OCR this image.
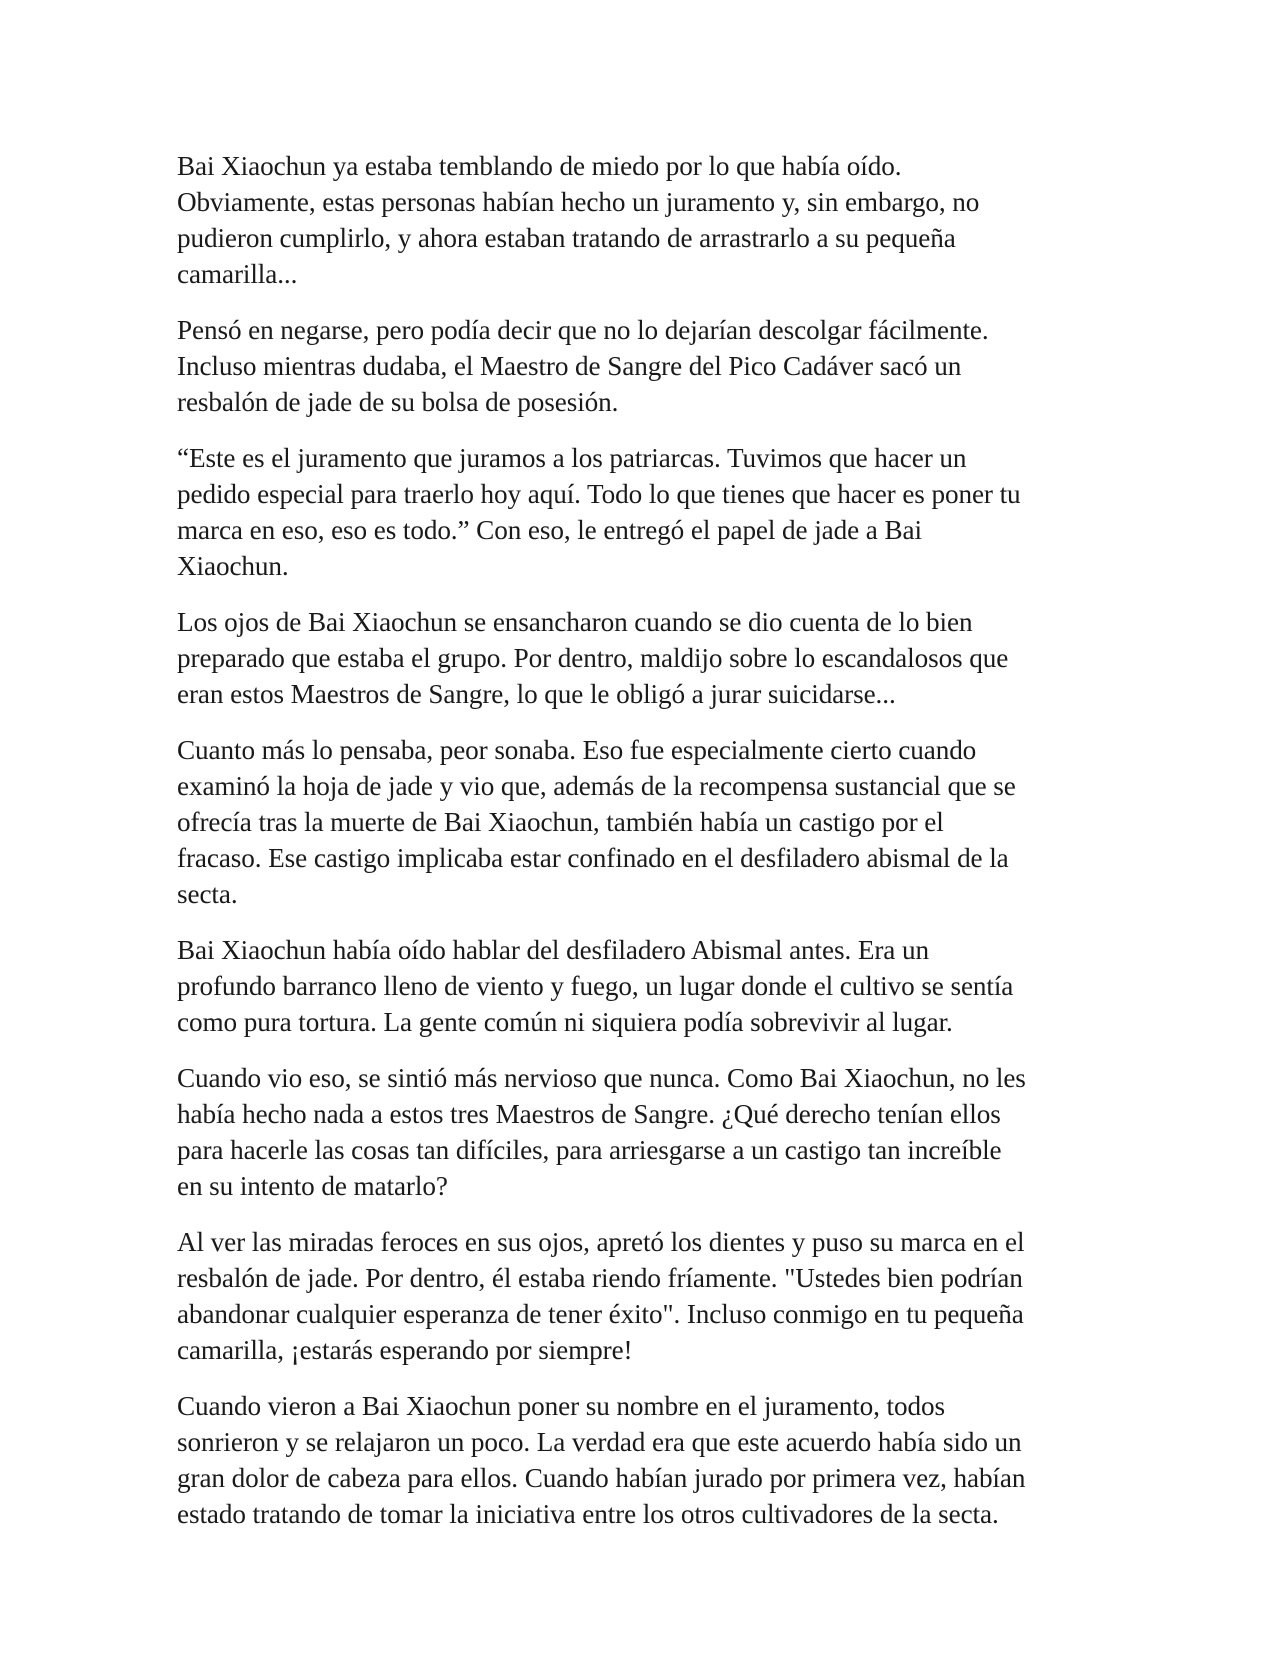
Bai Xiaochun ya estaba temblando de miedo por lo que había oído.
Obviamente, estas personas habían hecho un juramento y, sin embargo, no
pudieron cumplirlo, y ahora estaban tratando de arrastrarlo a su pequeña
camarilla...

Pensó en negarse, pero podía decir que no lo dejarían descolgar fácilmente.
Incluso mientras dudaba, el Maestro de Sangre del Pico Cadáver sacó un
resbalón de jade de su bolsa de posesión.

“Este es el juramento que juramos a los patriarcas. Tuvimos que hacer un
pedido especial para traerlo hoy aquí. Todo lo que tienes que hacer es poner tu
marca en eso, eso es todo.” Con eso, le entregó el papel de jade a Bai
Xiaochun.

Los ojos de Bai Xiaochun se ensancharon cuando se dio cuenta de lo bien
preparado que estaba el grupo. Por dentro, maldijo sobre lo escandalosos que
eran estos Maestros de Sangre, lo que le obligó a jurar suicidarse...

Cuanto más lo pensaba, peor sonaba. Eso fue especialmente cierto cuando
examinó la hoja de jade y vio que, además de la recompensa sustancial que se
ofrecía tras la muerte de Bai Xiaochun, también había un castigo por el
fracaso. Ese castigo implicaba estar confinado en el desfiladero abismal de la
secta.

Bai Xiaochun había oído hablar del desfiladero Abismal antes. Era un
profundo barranco lleno de viento y fuego, un lugar donde el cultivo se sentía
como pura tortura. La gente común ni siquiera podía sobrevivir al lugar.

Cuando vio eso, se sintió más nervioso que nunca. Como Bai Xiaochun, no les
había hecho nada a estos tres Maestros de Sangre. ¿Qué derecho tenían ellos
para hacerle las cosas tan difíciles, para arriesgarse a un castigo tan increíble
en su intento de matarlo?

Al ver las miradas feroces en sus ojos, apretó los dientes y puso su marca en el
resbalón de jade. Por dentro, él estaba riendo fríamente. "Ustedes bien podrían
abandonar cualquier esperanza de tener éxito". Incluso conmigo en tu pequeña
camarilla, ¡estarás esperando por siempre!

Cuando vieron a Bai Xiaochun poner su nombre en el juramento, todos
sonrieron y se relajaron un poco. La verdad era que este acuerdo había sido un
gran dolor de cabeza para ellos. Cuando habían jurado por primera vez, habían
estado tratando de tomar la iniciativa entre los otros cultivadores de la secta.
